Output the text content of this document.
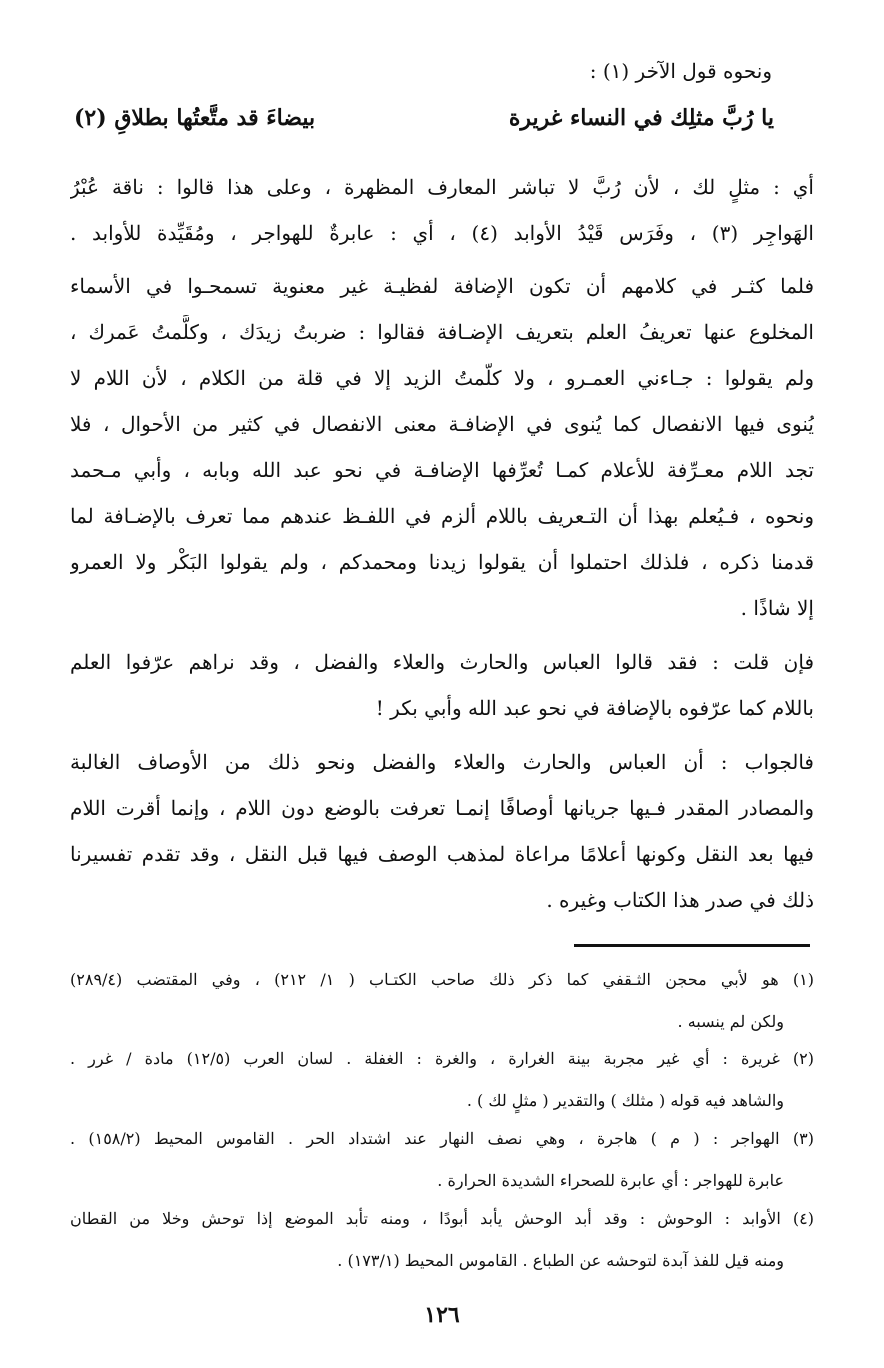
ونحوه قول الآخر (١) :
يا رُبَّ مثلِك في النساء غريرة
بيضاءَ قد متَّعتُها بطلاقِ (٢)
أي : مثلٍ لك ، لأن رُبَّ لا تباشر المعارف المظهرة ، وعلى هذا قالوا : ناقة عُبْرُ
الهَواجِر (٣) ، وفَرَس قَيْدُ الأوابد (٤) ، أي : عابرةٌ للهواجر ، ومُقَيِّدة للأوابد .
فلما كثـر في كلامهم أن تكون الإضافة لفظيـة غير معنوية تسمحـوا في الأسماء
المخلوع عنها تعريفُ العلم بتعريف الإضـافة فقالوا : ضربتُ زيدَك ، وكلَّمتُ عَمرك ،
ولم يقولوا : جـاءني العمـرو ، ولا كلّمتُ الزيد إلا في قلة من الكلام ، لأن اللام لا
يُنوى فيها الانفصال كما يُنوى في الإضافـة معنى الانفصال في كثير من الأحوال ، فلا
تجد اللام معـرِّفة للأعلام كمـا تُعرِّفها الإضافـة في نحو عبد الله وبابه ، وأبي مـحمد
ونحوه ، فـيُعلم بهذا أن التـعريف باللام ألزم في اللفـظ عندهم مما تعرف بالإضـافة لما
قدمنا ذكره ، فلذلك احتملوا أن يقولوا زيدنا ومحمدكم ، ولم يقولوا البَكْر ولا العمرو
إلا شاذًا .
فإن قلت : فقد قالوا العباس والحارث والعلاء والفضل ، وقد نراهم عرّفوا العلم
باللام كما عرّفوه بالإضافة في نحو عبد الله وأبي بكر !
فالجواب : أن العباس والحارث والعلاء والفضل ونحو ذلك من الأوصاف الغالبة
والمصادر المقدر فـيها جريانها أوصافًا إنمـا تعرفت بالوضع دون اللام ، وإنما أقرت اللام
فيها بعد النقل وكونها أعلامًا مراعاة لمذهب الوصف فيها قبل النقل ، وقد تقدم تفسيرنا
ذلك في صدر هذا الكتاب وغيره .
(١) هو لأبي محجن الثـقفي كما ذكر ذلك صاحب الكتـاب ( ١/ ٢١٢) ، وفي المقتضب (٢٨٩/٤)
ولكن لم ينسبه .
(٢) غريرة : أي غير مجربة بينة الغرارة ، والغرة : الغفلة . لسان العرب (١٢/٥) مادة / غرر .
والشاهد فيه قوله ( مثلك ) والتقدير ( مثلٍ لك ) .
(٣) الهواجر : ( م ) هاجرة ، وهي نصف النهار عند اشتداد الحر . القاموس المحيط (١٥٨/٢) .
عابرة للهواجر : أي عابرة للصحراء الشديدة الحرارة .
(٤) الأوابد : الوحوش : وقد أبد الوحش يأبد أبودًا ، ومنه تأبد الموضع إذا توحش وخلا من القطان
ومنه قيل للفذ آبدة لتوحشه عن الطباع . القاموس المحيط (١٧٣/١) .
١٢٦
